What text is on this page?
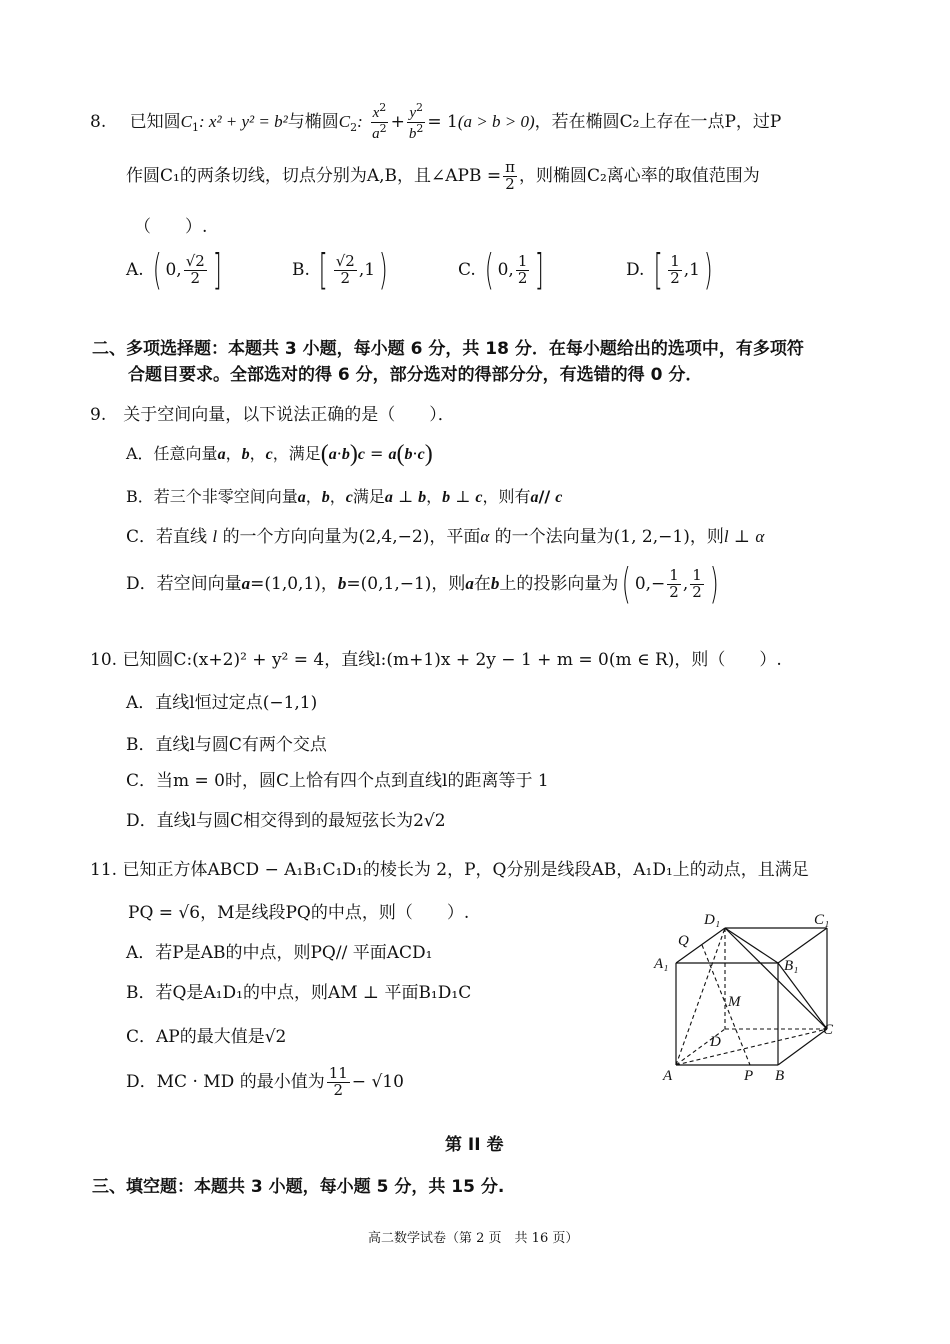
8. 已知圆$C_1$: x² + y² = b²与椭圆$C_2$: $\frac{x^2}{a^2} + \frac{y^2}{b^2} = 1(a > b > 0)$，若在椭圆C₂上存在一点P，过P
作圆C₁的两条切线，切点分别为A,B，且∠APB = $\frac{\pi}{2}$ ，则椭圆C₂离心率的取值范围为
（　　）.
A. ( 0, $\frac{√2}{2}$ ]	B. [ $\frac{√2}{2} ,1$)	C. ( 0, $\frac{1}{2}$ ]	D. [ $\frac{1}{2} ,1$)
二、多项选择题：本题共 3 小题，每小题 6 分，共 18 分．在每小题给出的选项中，有多项符
合题目要求。全部选对的得 6 分，部分选对的得部分分，有选错的得 0 分．
9.　关于空间向量，以下说法正确的是（　　）．
A．任意向量a，b，c，满足(a·b)c = a(b·c)
B．若三个非零空间向量a，b，c满足a ⊥ b，b ⊥ c，则有a// c
C．若直线 l 的一个方向向量为(2,4,−2)，平面α 的一个法向量为(1, 2,−1)，则l ⊥ α
D．若空间向量a=(1,0,1)，b=(0,1,−1)，则a在b上的投影向量为( $0,- \frac{1}{2}$ , $\frac{1}{2}$ )
10. 已知圆C:(x+2)² + y² = 4，直线l:(m+1)x + 2y − 1 + m = 0(m ∈ R)，则（　　）.
A．直线l恒过定点(−1,1)
B．直线l与圆C有两个交点
C．当m = 0时，圆C上恰有四个点到直线l的距离等于 1
D．直线l与圆C相交得到的最短弦长为2√2
11. 已知正方体ABCD − A₁B₁C₁D₁的棱长为 2，P，Q分别是线段AB，A₁D₁上的动点，且满足
PQ = √6，M是线段PQ的中点，则（　　）.
A．若P是AB的中点，则PQ// 平面ACD₁
B．若Q是A₁D₁的中点，则AM ⊥ 平面B₁D₁C
C．AP的最大值是√2
D．MC · MD 的最小值为 $\frac{11}{2} - √10$
D₁	C₁
Q
A₁	B₁
M
D
C
A	P B
第 II 卷
三、填空题：本题共 3 小题，每小题 5 分，共 15 分.
高二数学试卷（第 2 页　共 16 页）
